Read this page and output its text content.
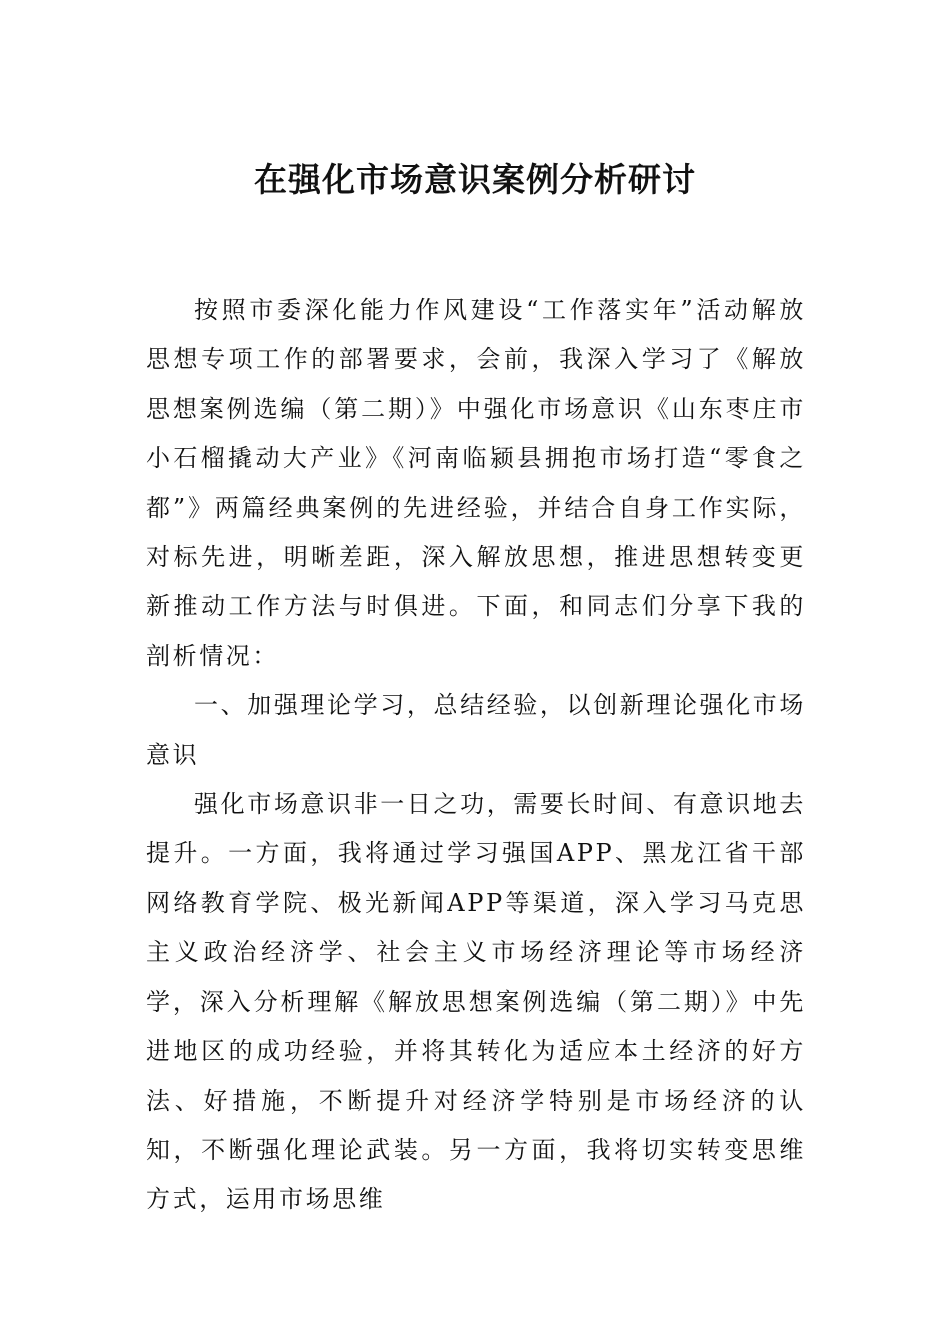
在强化市场意识案例分析研讨

按照市委深化能力作风建设“工作落实年”活动解放思想专项工作的部署要求，会前，我深入学习了《解放思想案例选编（第二期）》中强化市场意识《山东枣庄市小石榴撬动大产业》《河南临颍县拥抱市场打造“零食之都”》两篇经典案例的先进经验，并结合自身工作实际，对标先进，明晰差距，深入解放思想，推进思想转变更新推动工作方法与时俱进。下面，和同志们分享下我的剖析情况：

一、加强理论学习，总结经验，以创新理论强化市场意识

强化市场意识非一日之功，需要长时间、有意识地去提升。一方面，我将通过学习强国APP、黑龙江省干部网络教育学院、极光新闻APP等渠道，深入学习马克思主义政治经济学、社会主义市场经济理论等市场经济学，深入分析理解《解放思想案例选编（第二期）》中先进地区的成功经验，并将其转化为适应本土经济的好方法、好措施，不断提升对经济学特别是市场经济的认知，不断强化理论武装。另一方面，我将切实转变思维方式，运用市场思维
